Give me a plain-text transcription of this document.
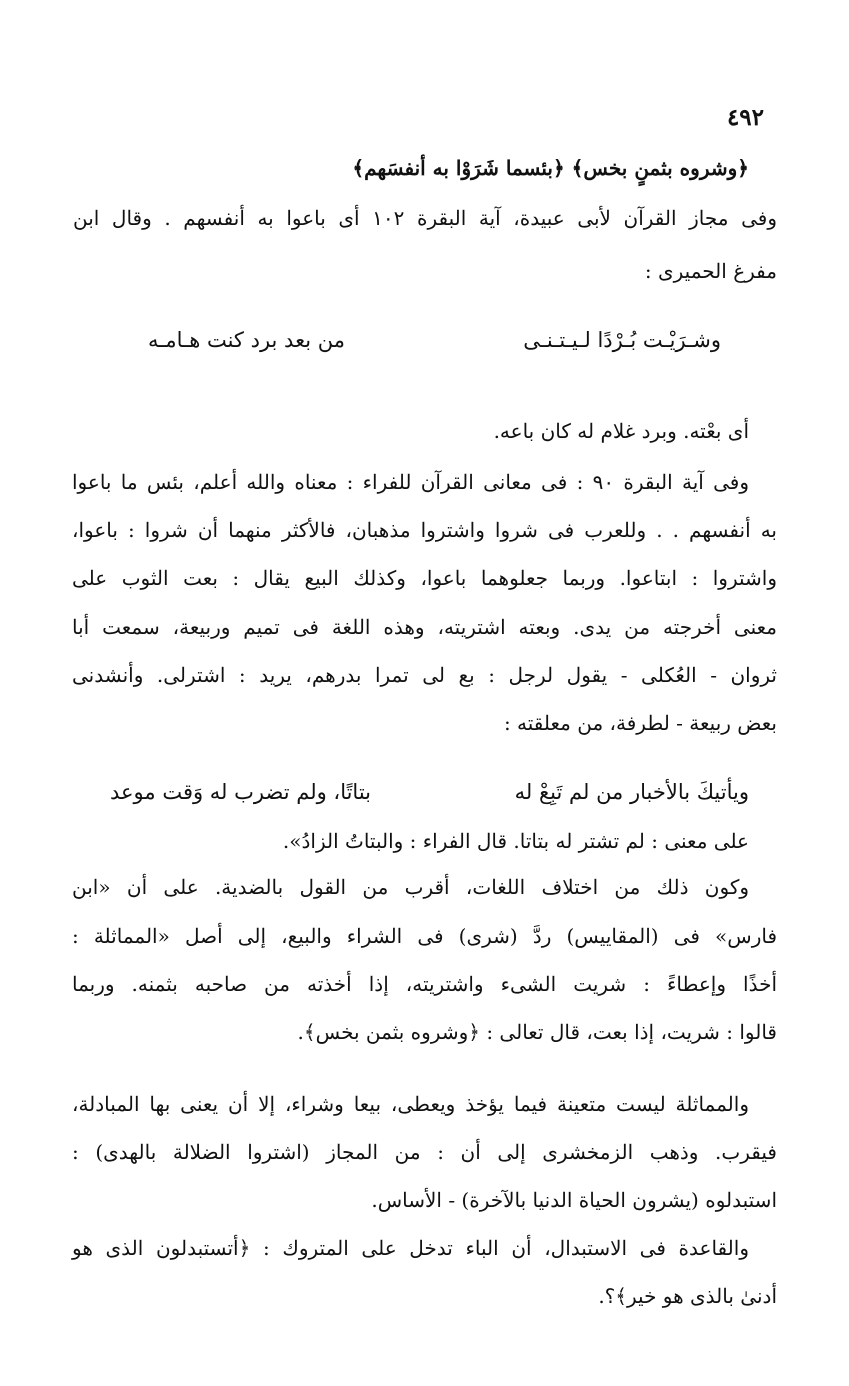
٤٩٢
﴿وشروه بثمنٍ بخس﴾ ﴿بئسما شَرَوْا به أنفسَهم﴾
وفى مجاز القرآن لأبى عبيدة، آية البقرة ١٠٢ أى باعوا به أنفسهم . وقال ابن
مفرغ الحميرى :
وشـرَيْـت بُـرْدًا لـيـتـنـى
من بعد برد كنت هـامـه
أى بعْته. وبرد غلام له كان باعه.
وفى آية البقرة ٩٠ : فى معانى القرآن للفراء : معناه والله أعلم، بئس ما باعوا
به أنفسهم . . وللعرب فى شروا واشتروا مذهبان، فالأكثر منهما أن شروا : باعوا،
واشتروا : ابتاعوا. وربما جعلوهما باعوا، وكذلك البيع يقال : بعت الثوب على
معنى أخرجته من يدى. وبعته اشتريته، وهذه اللغة فى تميم وربيعة، سمعت أبا
ثروان - العُكلى - يقول لرجل : بع لى تمرا بدرهم، يريد : اشترلى. وأنشدنى
بعض ربيعة - لطرفة، من معلقته :
ويأتيكَ بالأخبار من لم تَبِعْ له
بتاتًا، ولم تضرب له وَقت موعد
على معنى : لم تشتر له بتاتا. قال الفراء : والبتاتُ الزادُ».
وكون ذلك من اختلاف اللغات، أقرب من القول بالضدية. على أن «ابن
فارس» فى (المقاييس) ردَّ (شرى) فى الشراء والبيع، إلى أصل «المماثلة :
أخذًا وإعطاءً : شريت الشىء واشتريته، إذا أخذته من صاحبه بثمنه. وربما
قالوا : شريت، إذا بعت، قال تعالى : ﴿وشروه بثمن بخس﴾.
والمماثلة ليست متعينة فيما يؤخذ ويعطى، بيعا وشراء، إلا أن يعنى بها المبادلة،
فيقرب. وذهب الزمخشرى إلى أن : من المجاز (اشتروا الضلالة بالهدى) :
استبدلوه (يشرون الحياة الدنيا بالآخرة) - الأساس.
والقاعدة فى الاستبدال، أن الباء تدخل على المتروك : ﴿أتستبدلون الذى هو
أدنىٰ بالذى هو خير﴾؟.
